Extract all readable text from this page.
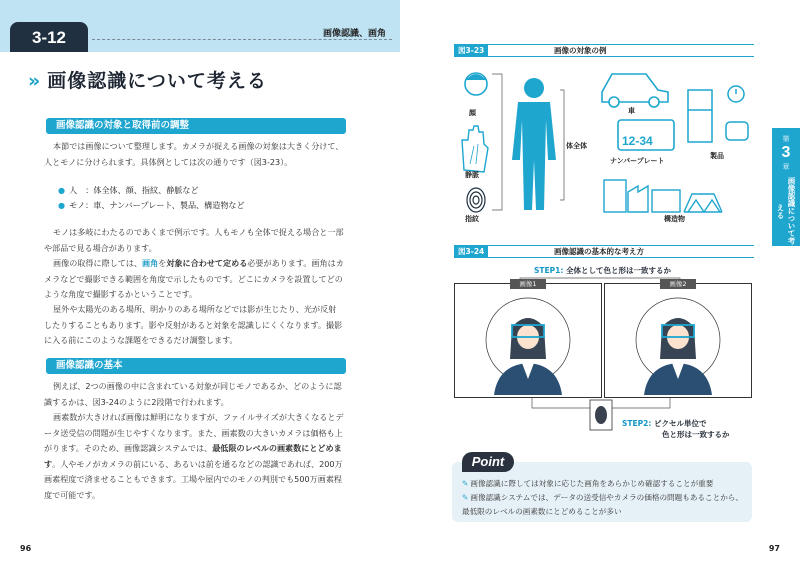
3-12	画像認識、画角
» 画像認識について考える
画像認識の対象と取得前の調整

本節では画像について整理します。カメラが捉える画像の対象は大きく分けて、人とモノに分けられます。具体例としては次の通りです（図3-23）。

● 人　：体全体、顔、指紋、静脈など
● モノ：車、ナンバープレート、製品、構造物など

モノは多岐にわたるのであくまで例示です。人もモノも全体で捉える場合と一部や部品で見る場合があります。

画像の取得に際しては、画角を対象に合わせて定める必要があります。画角はカメラなどで撮影できる範囲を角度で示したものです。どこにカメラを設置してどのような角度で撮影するかということです。

屋外や太陽光のある場所、明かりのある場所などでは影が生じたり、光が反射したりすることもあります。影や反射があると対象を認識しにくくなります。撮影に入る前にこのような課題をできるだけ調整します。

画像認識の基本

例えば、2つの画像の中に含まれている対象が同じモノであるか、どのように認識するかは、図3-24のように2段階で行われます。

画素数が大きければ画像は鮮明になりますが、ファイルサイズが大きくなるとデータ送受信の問題が生じやすくなります。また、画素数の大きいカメラは価格も上がります。そのため、画像認識システムでは、最低限のレベルの画素数にとどめます。人やモノがカメラの前にいる、あるいは前を通るなどの認識であれば、200万画素程度で済ませることもできます。工場や屋内でのモノの判別でも500万画素程度で可能です。

96
図3-23	画像の対象の例
顔
静脈
指紋
体全体
車
12-34
ナンバープレート
製品
構造物
図3-24	画像認識の基本的な考え方
STEP1: 全体として色と形は一致するか
画像1	画像2
STEP2: ピクセル単位で
色と形は一致するか
Point
✎ 画像認識に際しては対象に応じた画角をあらかじめ確認することが重要
✎ 画像認識システムでは、データの送受信やカメラの価格の問題もあることから、最低限のレベルの画素数にとどめることが多い
第
3
章
画像認識について考える
97
